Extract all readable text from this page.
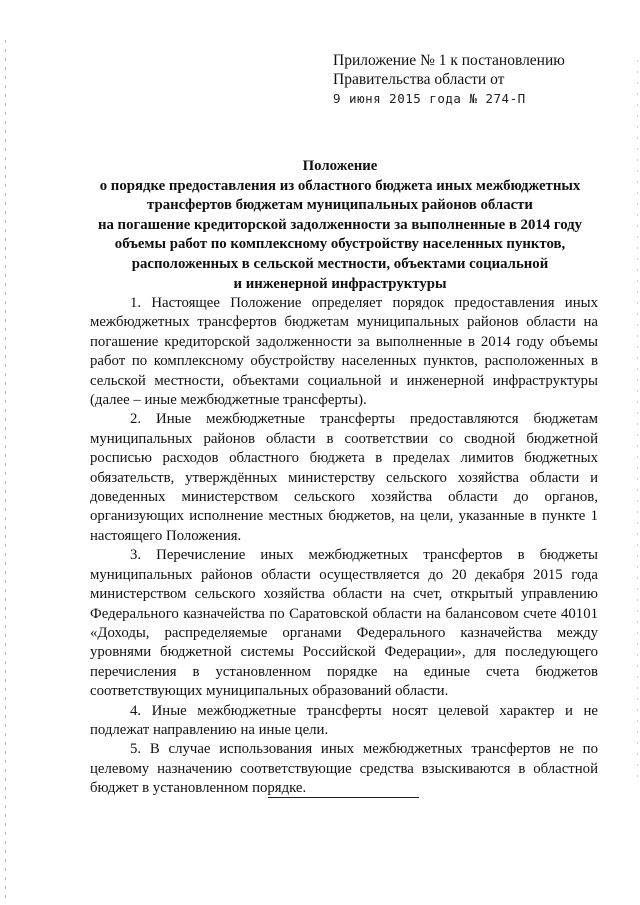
Приложение № 1 к постановлению
Правительства области от
9 июня 2015 года № 274-П
Положение
о порядке предоставления из областного бюджета иных межбюджетных
трансфертов бюджетам муниципальных районов области
на погашение кредиторской задолженности за выполненные в 2014 году
объемы работ по комплексному обустройству населенных пунктов,
расположенных в сельской местности, объектами социальной
и инженерной инфраструктуры

1. Настоящее Положение определяет порядок предоставления иных межбюджетных трансфертов бюджетам муниципальных районов области на погашение кредиторской задолженности за выполненные в 2014 году объемы работ по комплексному обустройству населенных пунктов, расположенных в сельской местности, объектами социальной и инженерной инфраструктуры (далее – иные межбюджетные трансферты).

2. Иные межбюджетные трансферты предоставляются бюджетам муниципальных районов области в соответствии со сводной бюджетной росписью расходов областного бюджета в пределах лимитов бюджетных обязательств, утверждённых министерству сельского хозяйства области и доведенных министерством сельского хозяйства области до органов, организующих исполнение местных бюджетов, на цели, указанные в пункте 1 настоящего Положения.

3. Перечисление иных межбюджетных трансфертов в бюджеты муниципальных районов области осуществляется до 20 декабря 2015 года министерством сельского хозяйства области на счет, открытый управлению Федерального казначейства по Саратовской области на балансовом счете 40101 «Доходы, распределяемые органами Федерального казначейства между уровнями бюджетной системы Российской Федерации», для последующего перечисления в установленном порядке на единые счета бюджетов соответствующих муниципальных образований области.

4. Иные межбюджетные трансферты носят целевой характер и не подлежат направлению на иные цели.

5. В случае использования иных межбюджетных трансфертов не по целевому назначению соответствующие средства взыскиваются в областной бюджет в установленном порядке.
